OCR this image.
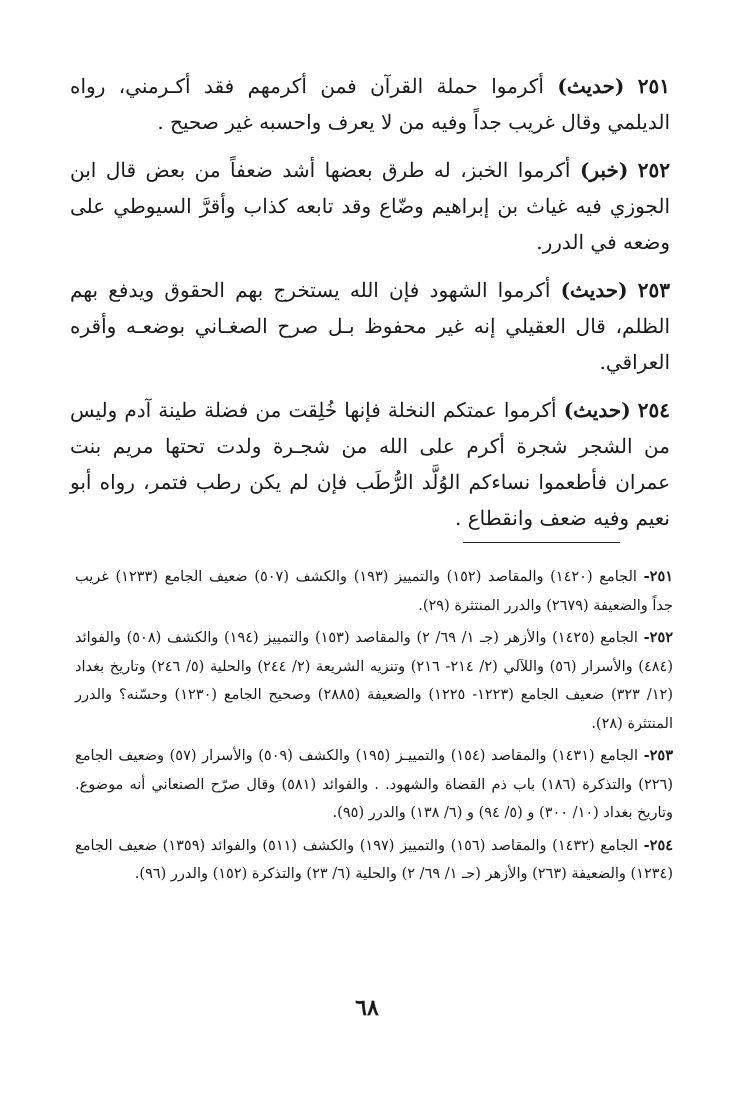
٢٥١ (حديث) أكرموا حملة القرآن فمن أكرمهم فقد أكـرمني، رواه الديلمي وقال غريب جداً وفيه من لا يعرف واحسبه غير صحيح .

٢٥٢ (خبر) أكرموا الخبز، له طرق بعضها أشد ضعفاً من بعض قال ابن الجوزي فيه غياث بن إبراهيم وضّاع وقد تابعه كذاب وأقرَّ السيوطي على وضعه في الدرر.

٢٥٣ (حديث) أكرموا الشهود فإن الله يستخرج بهم الحقوق ويدفع بهم الظلم، قال العقيلي إنه غير محفوظ بـل صرح الصغـاني بوضعـه وأقره العراقي.

٢٥٤ (حديث) أكرموا عمتكم النخلة فإنها خُلِقت من فضلة طينة آدم وليس من الشجر شجرة أكرم على الله من شجـرة ولدت تحتها مريم بنت عمران فأطعموا نساءكم الوُلَّد الرُّطَب فإن لم يكن رطب فتمر، رواه أبو نعيم وفيه ضعف وانقطاع .

٢٥١- الجامع (١٤٢٠) والمقاصد (١٥٢) والتمييز (١٩٣) والكشف (٥٠٧) ضعيف الجامع (١٢٣٣) غريب جداً والضعيفة (٢٦٧٩) والدرر المنتثرة (٢٩).

٢٥٢- الجامع (١٤٢٥) والأزهر (جـ ١/ ٦٩/ ٢) والمقاصد (١٥٣) والتمييز (١٩٤) والكشف (٥٠٨) والفوائد (٤٨٤) والأسرار (٥٦) واللآلي (٢/ ٢١٤- ٢١٦) وتنزيه الشريعة (٢/ ٢٤٤) والحلية (٥/ ٢٤٦) وتاريخ بغداد (١٢/ ٣٢٣) ضعيف الجامع (١٢٢٣- ١٢٢٥) والضعيفة (٢٨٨٥) وصحيح الجامع (١٢٣٠) وحسّنه؟ والدرر المنتثرة (٢٨).

٢٥٣- الجامع (١٤٣١) والمقاصد (١٥٤) والتمييـز (١٩٥) والكشف (٥٠٩) والأسرار (٥٧) وضعيف الجامع (٢٢٦) والتذكرة (١٨٦) باب ذم القضاة والشهود. . والفوائد (٥٨١) وقال صرّح الصنعاني أنه موضوع. وتاريخ بغداد (١٠/ ٣٠٠) و (٥/ ٩٤) و (٦/ ١٣٨) والدرر (٩٥).

٢٥٤- الجامع (١٤٣٢) والمقاصد (١٥٦) والتمييز (١٩٧) والكشف (٥١١) والفوائد (١٣٥٩) ضعيف الجامع (١٢٣٤) والضعيفة (٢٦٣) والأزهر (حـ ١/ ٦٩/ ٢) والحلية (٦/ ٢٣) والتذكرة (١٥٢) والدرر (٩٦).

٦٨
